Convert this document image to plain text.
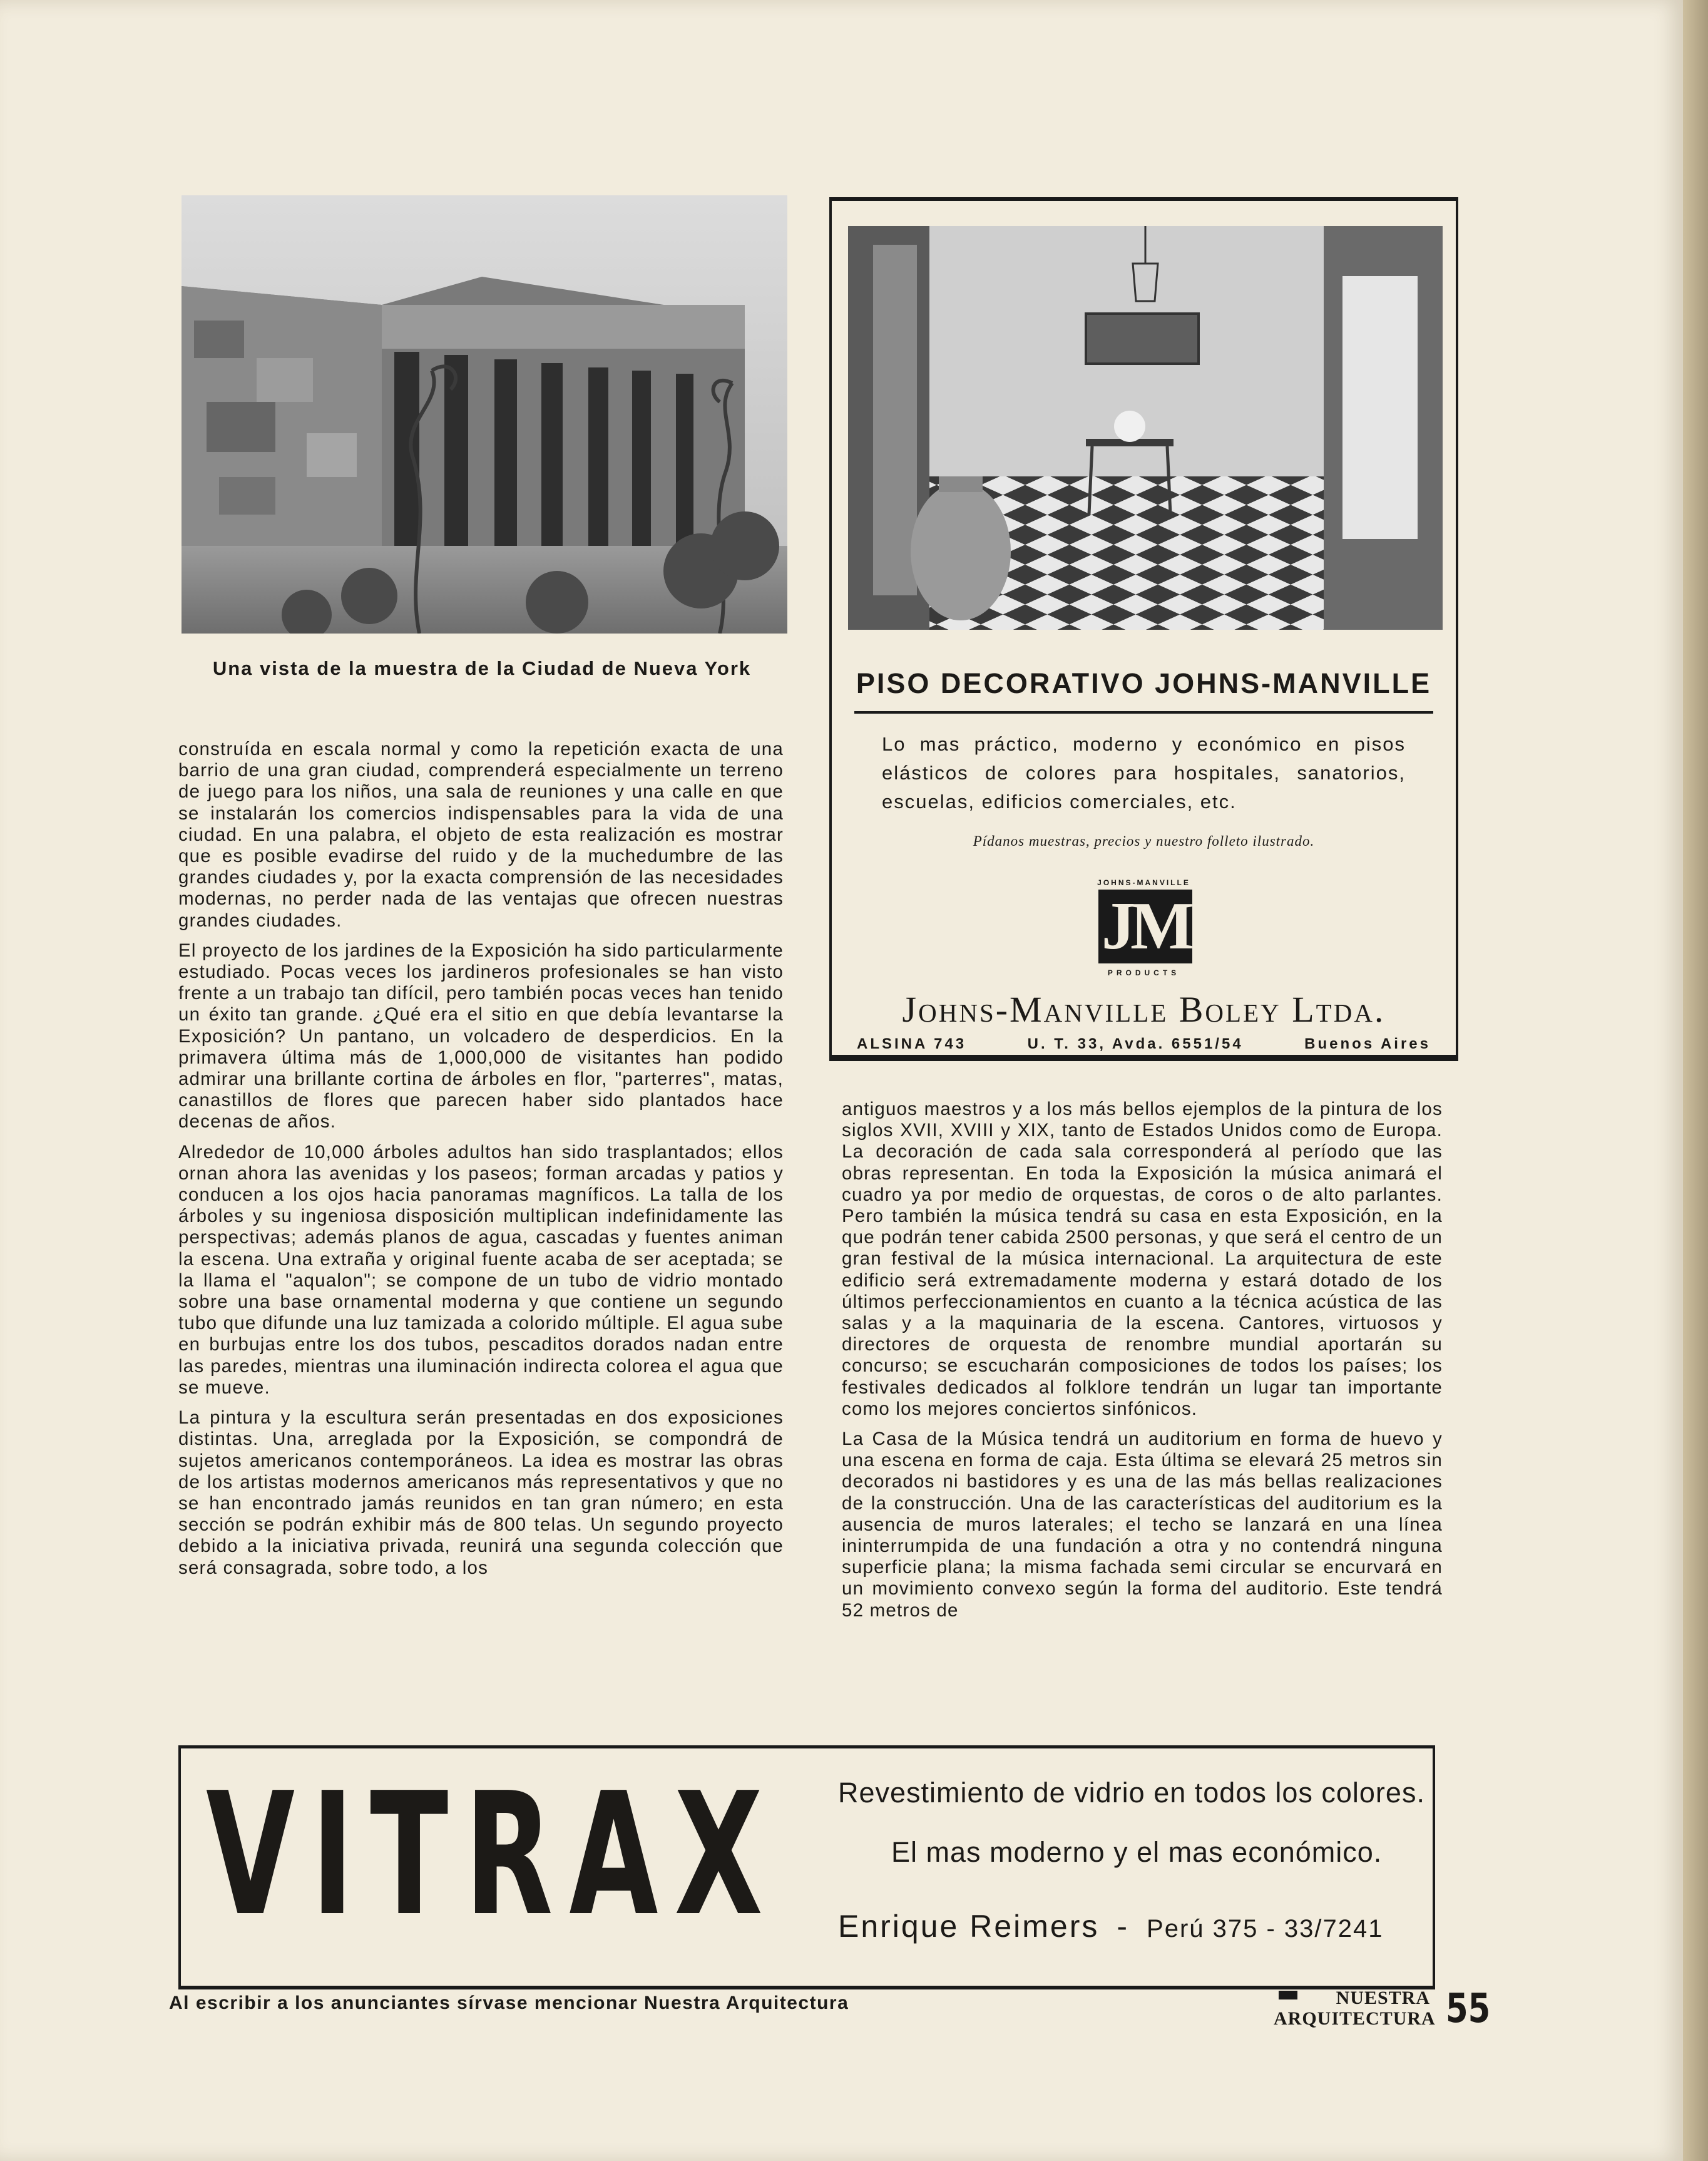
Una vista de la muestra de la Ciudad de Nueva York

construída en escala normal y como la repetición exacta de una barrio de una gran ciudad, comprenderá especialmente un terreno de juego para los niños, una sala de reuniones y una calle en que se instalarán los comercios indispensables para la vida de una ciudad. En una palabra, el objeto de esta realización es mostrar que es posible evadirse del ruido y de la muchedumbre de las grandes ciudades y, por la exacta comprensión de las necesidades modernas, no perder nada de las ventajas que ofrecen nuestras grandes ciudades.

El proyecto de los jardines de la Exposición ha sido particularmente estudiado. Pocas veces los jardineros profesionales se han visto frente a un trabajo tan difícil, pero también pocas veces han tenido un éxito tan grande. ¿Qué era el sitio en que debía levantarse la Exposición? Un pantano, un volcadero de desperdicios. En la primavera última más de 1,000,000 de visitantes han podido admirar una brillante cortina de árboles en flor, "parterres", matas, canastillos de flores que parecen haber sido plantados hace decenas de años.

Alrededor de 10,000 árboles adultos han sido trasplantados; ellos ornan ahora las avenidas y los paseos; forman arcadas y patios y conducen a los ojos hacia panoramas magníficos. La talla de los árboles y su ingeniosa disposición multiplican indefinidamente las perspectivas; además planos de agua, cascadas y fuentes animan la escena. Una extraña y original fuente acaba de ser aceptada; se la llama el "aqualon"; se compone de un tubo de vidrio montado sobre una base ornamental moderna y que contiene un segundo tubo que difunde una luz tamizada a colorido múltiple. El agua sube en burbujas entre los dos tubos, pescaditos dorados nadan entre las paredes, mientras una iluminación indirecta colorea el agua que se mueve.

La pintura y la escultura serán presentadas en dos exposiciones distintas. Una, arreglada por la Exposición, se compondrá de sujetos americanos contemporáneos. La idea es mostrar las obras de los artistas modernos americanos más representativos y que no se han encontrado jamás reunidos en tan gran número; en esta sección se podrán exhibir más de 800 telas. Un segundo proyecto debido a la iniciativa privada, reunirá una segunda colección que será consagrada, sobre todo, a los

PISO DECORATIVO JOHNS-MANVILLE
Lo mas práctico, moderno y económico en pisos elásticos de colores para hospitales, sanatorios, escuelas, edificios comerciales, etc.
Pídanos muestras, precios y nuestro folleto ilustrado.
JOHNS-MANVILLE
JM
PRODUCTS
Johns-Manville Boley Ltda.
ALSINA 743	U. T. 33, Avda. 6551/54	Buenos Aires

antiguos maestros y a los más bellos ejemplos de la pintura de los siglos XVII, XVIII y XIX, tanto de Estados Unidos como de Europa. La decoración de cada sala corresponderá al período que las obras representan. En toda la Exposición la música animará el cuadro ya por medio de orquestas, de coros o de alto parlantes. Pero también la música tendrá su casa en esta Exposición, en la que podrán tener cabida 2500 personas, y que será el centro de un gran festival de la música internacional. La arquitectura de este edificio será extremadamente moderna y estará dotado de los últimos perfeccionamientos en cuanto a la técnica acústica de las salas y a la maquinaria de la escena. Cantores, virtuosos y directores de orquesta de renombre mundial aportarán su concurso; se escucharán composiciones de todos los países; los festivales dedicados al folklore tendrán un lugar tan importante como los mejores conciertos sinfónicos.

La Casa de la Música tendrá un auditorium en forma de huevo y una escena en forma de caja. Esta última se elevará 25 metros sin decorados ni bastidores y es una de las más bellas realizaciones de la construcción. Una de las características del auditorium es la ausencia de muros laterales; el techo se lanzará en una línea ininterrumpida de una fundación a otra y no contendrá ninguna superficie plana; la misma fachada semi circular se encurvará en un movimiento convexo según la forma del auditorio. Este tendrá 52 metros de

VITRAX Revestimiento de vidrio en todos los colores.
El mas moderno y el mas económico.
Enrique Reimers - Perú 375 - 33/7241
Al escribir a los anunciantes sírvase mencionar Nuestra Arquitectura	NUESTRA
ARQUITECTURA 55
